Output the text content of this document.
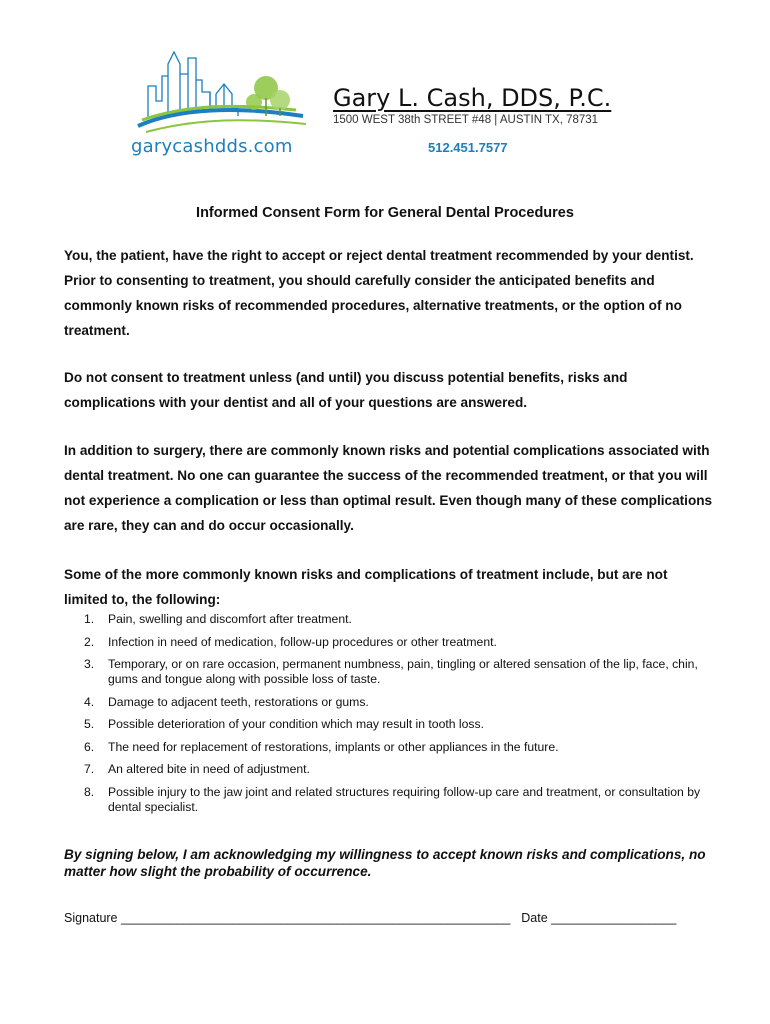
garycashdds.com
Gary L. Cash, DDS, P.C.
1500 WEST 38th STREET #48 | AUSTIN TX, 78731
512.451.7577
Informed Consent Form for General Dental Procedures

You, the patient, have the right to accept or reject dental treatment recommended by your dentist. Prior to consenting to treatment, you should carefully consider the anticipated benefits and commonly known risks of recommended procedures, alternative treatments, or the option of no treatment.

Do not consent to treatment unless (and until) you discuss potential benefits, risks and complications with your dentist and all of your questions are answered.

In addition to surgery, there are commonly known risks and potential complications associated with dental treatment. No one can guarantee the success of the recommended treatment, or that you will not experience a complication or less than optimal result. Even though many of these complications are rare, they can and do occur occasionally.

Some of the more commonly known risks and complications of treatment include, but are not limited to, the following:

1.	Pain, swelling and discomfort after treatment.
2.	Infection in need of medication, follow-up procedures or other treatment.
3.	Temporary, or on rare occasion, permanent numbness, pain, tingling or altered sensation of the lip, face, chin, gums and tongue along with possible loss of taste.
4.	Damage to adjacent teeth, restorations or gums.
5.	Possible deterioration of your condition which may result in tooth loss.
6.	The need for replacement of restorations, implants or other appliances in the future.
7.	An altered bite in need of adjustment.
8.	Possible injury to the jaw joint and related structures requiring follow-up care and treatment, or consultation by dental specialist.

By signing below, I am acknowledging my willingness to accept known risks and complications, no matter how slight the probability of occurrence.

Signature ________________________________________________________ Date __________________
